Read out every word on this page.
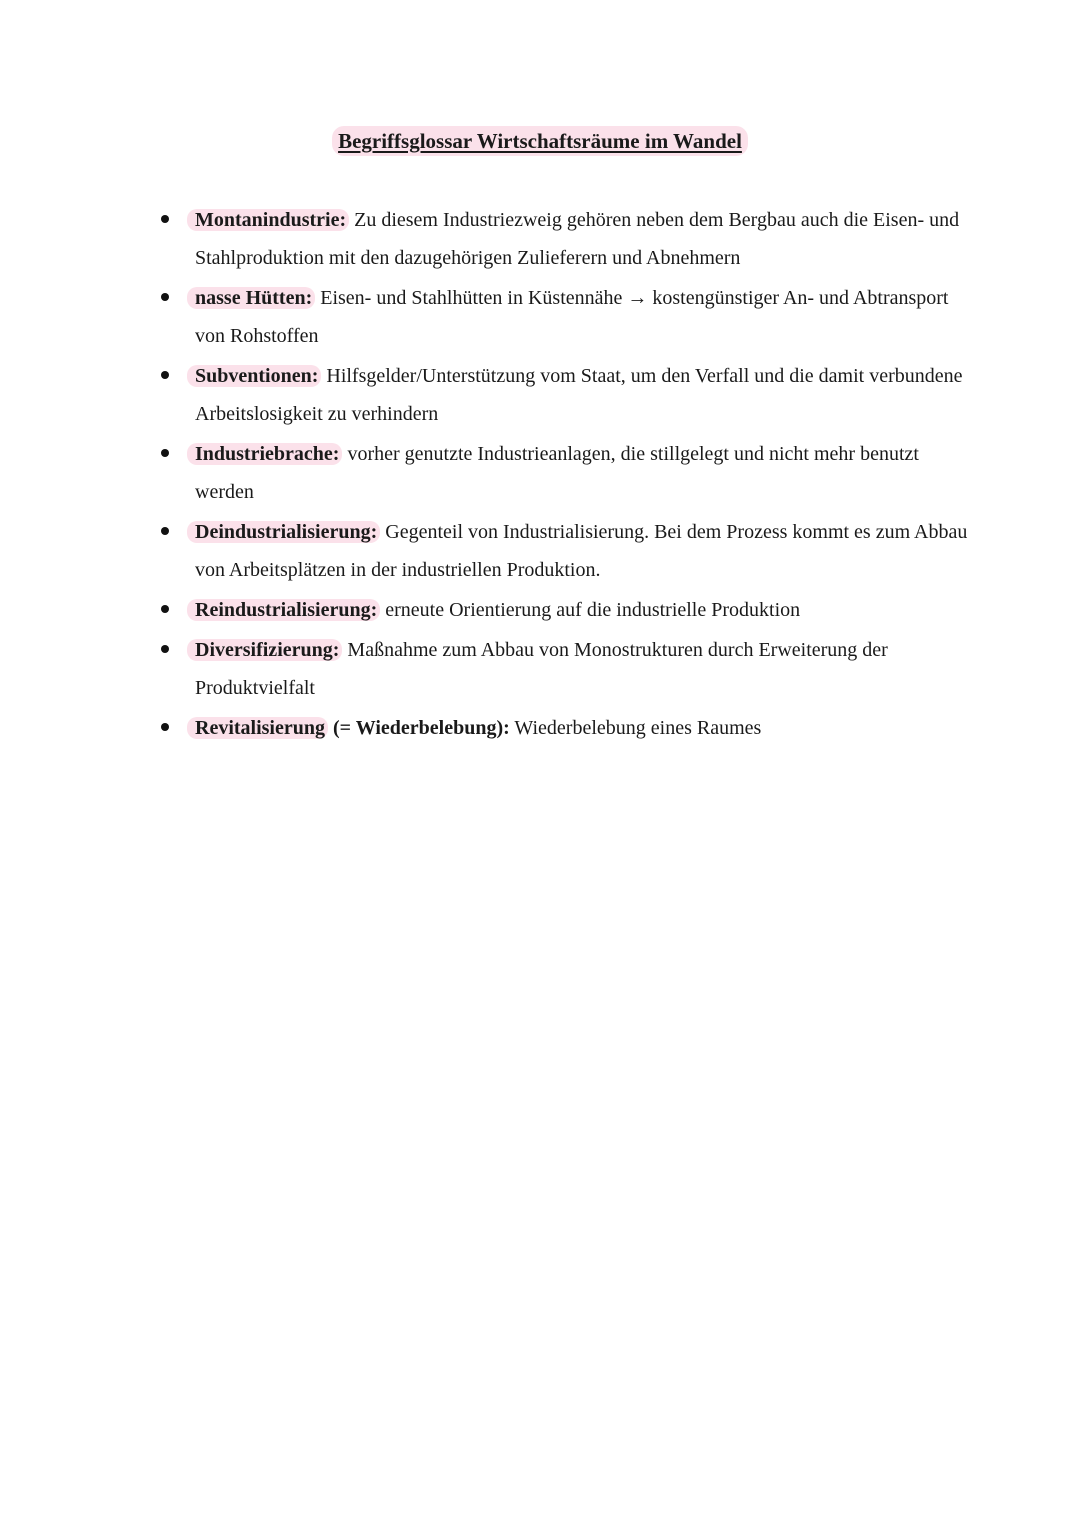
Begriffsglossar Wirtschaftsräume im Wandel
Montanindustrie: Zu diesem Industriezweig gehören neben dem Bergbau auch die Eisen- und Stahlproduktion mit den dazugehörigen Zulieferern und Abnehmern
nasse Hütten: Eisen- und Stahlhütten in Küstennähe → kostengünstiger An- und Abtransport von Rohstoffen
Subventionen: Hilfsgelder/Unterstützung vom Staat, um den Verfall und die damit verbundene Arbeitslosigkeit zu verhindern
Industriebrache: vorher genutzte Industrieanlagen, die stillgelegt und nicht mehr benutzt werden
Deindustrialisierung: Gegenteil von Industrialisierung. Bei dem Prozess kommt es zum Abbau von Arbeitsplätzen in der industriellen Produktion.
Reindustrialisierung: erneute Orientierung auf die industrielle Produktion
Diversifizierung: Maßnahme zum Abbau von Monostrukturen durch Erweiterung der Produktvielfalt
Revitalisierung (= Wiederbelebung): Wiederbelebung eines Raumes
